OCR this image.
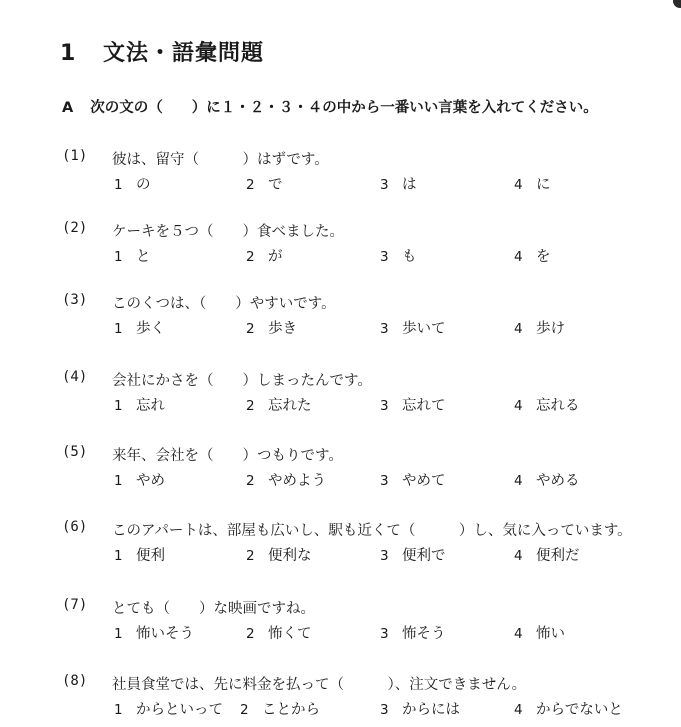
1 文法・語彙問題
A 次の文の（　　）に１・２・３・４の中から一番いい言葉を入れてください。
(1) 彼は、留守（　　　）はずです。
1 の	2 で	3 は	4 に
(2) ケーキを５つ（　　）食べました。
1 と	2 が	3 も	4 を
(3) このくつは、（　　）やすいです。
1 歩く	2 歩き	3 歩いて	4 歩け
(4) 会社にかさを（　　）しまったんです。
1 忘れ	2 忘れた	3 忘れて	4 忘れる
(5) 来年、会社を（　　）つもりです。
1 やめ	2 やめよう	3 やめて	4 やめる
(6) このアパートは、部屋も広いし、駅も近くて（　　　）し、気に入っています。
1 便利	2 便利な	3 便利で	4 便利だ
(7) とても（　　）な映画ですね。
1 怖いそう	2 怖くて	3 怖そう	4 怖い
(8) 社員食堂では、先に料金を払って（　　　）、注文できません。
1 からといって 2 ことから	3 からには	4 からでないと
